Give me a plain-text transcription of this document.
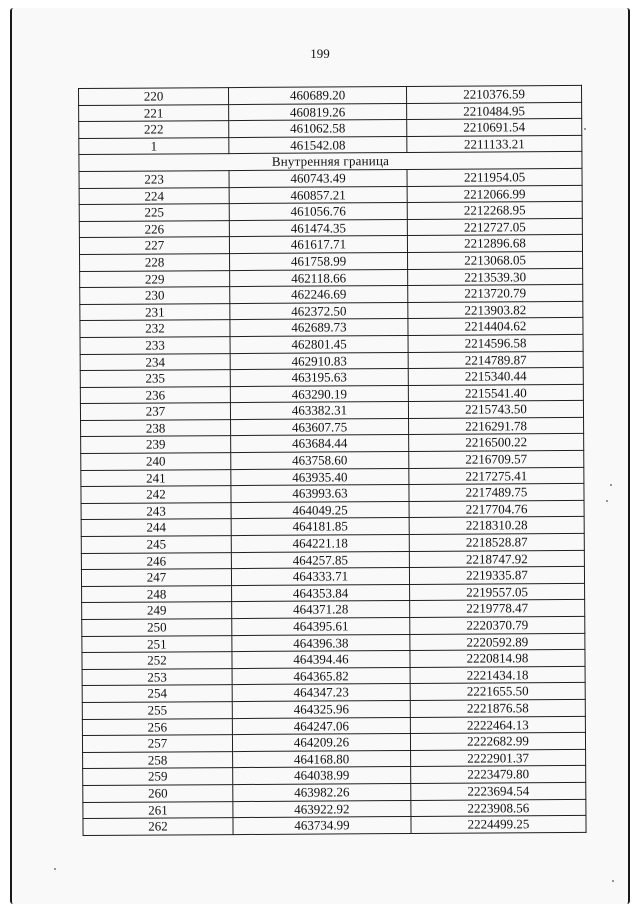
199
220	460689.20	2210376.59
221	460819.26	2210484.95
222	461062.58	2210691.54
1	461542.08	2211133.21
Внутренняя граница		
223	460743.49	2211954.05
224	460857.21	2212066.99
225	461056.76	2212268.95
226	461474.35	2212727.05
227	461617.71	2212896.68
228	461758.99	2213068.05
229	462118.66	2213539.30
230	462246.69	2213720.79
231	462372.50	2213903.82
232	462689.73	2214404.62
233	462801.45	2214596.58
234	462910.83	2214789.87
235	463195.63	2215340.44
236	463290.19	2215541.40
237	463382.31	2215743.50
238	463607.75	2216291.78
239	463684.44	2216500.22
240	463758.60	2216709.57
241	463935.40	2217275.41
242	463993.63	2217489.75
243	464049.25	2217704.76
244	464181.85	2218310.28
245	464221.18	2218528.87
246	464257.85	2218747.92
247	464333.71	2219335.87
248	464353.84	2219557.05
249	464371.28	2219778.47
250	464395.61	2220370.79
251	464396.38	2220592.89
252	464394.46	2220814.98
253	464365.82	2221434.18
254	464347.23	2221655.50
255	464325.96	2221876.58
256	464247.06	2222464.13
257	464209.26	2222682.99
258	464168.80	2222901.37
259	464038.99	2223479.80
260	463982.26	2223694.54
261	463922.92	2223908.56
262	463734.99	2224499.25
